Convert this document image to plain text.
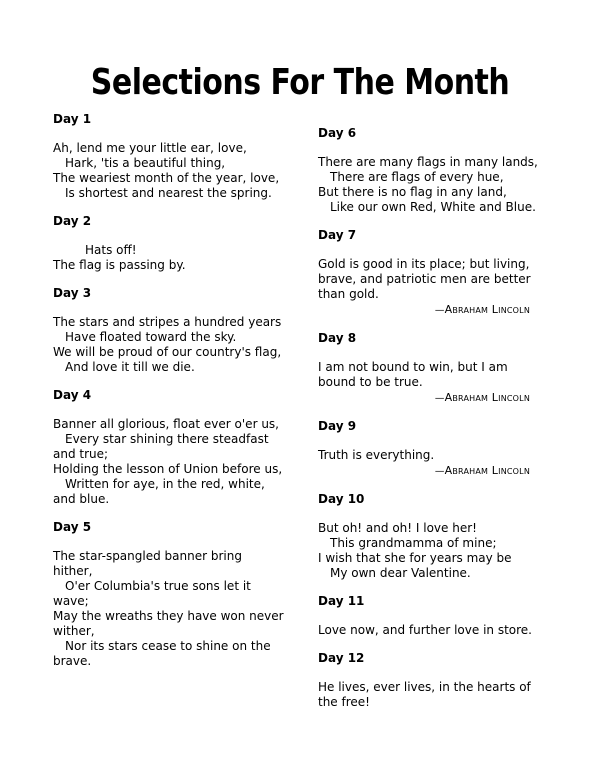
Selections For The Month
Day 1
Ah, lend me your little ear, love,
Hark, 'tis a beautiful thing,
The weariest month of the year, love,
Is shortest and nearest the spring.
Day 2
Hats off!
The flag is passing by.
Day 3
The stars and stripes a hundred years
Have floated toward the sky.
We will be proud of our country's flag,
And love it till we die.
Day 4
Banner all glorious, float ever o'er us,
Every star shining there steadfast
and true;
Holding the lesson of Union before us,
Written for aye, in the red, white,
and blue.
Day 5
The star-spangled banner bring
hither,
O'er Columbia's true sons let it
wave;
May the wreaths they have won never
wither,
Nor its stars cease to shine on the
brave.
Day 6
There are many flags in many lands,
There are flags of every hue,
But there is no flag in any land,
Like our own Red, White and Blue.
Day 7
Gold is good in its place; but living,
brave, and patriotic men are better
than gold.
—Abraham Lincoln
Day 8
I am not bound to win, but I am
bound to be true.
—Abraham Lincoln
Day 9
Truth is everything.
—Abraham Lincoln
Day 10
But oh! and oh! I love her!
This grandmamma of mine;
I wish that she for years may be
My own dear Valentine.
Day 11
Love now, and further love in store.
Day 12
He lives, ever lives, in the hearts of
the free!
